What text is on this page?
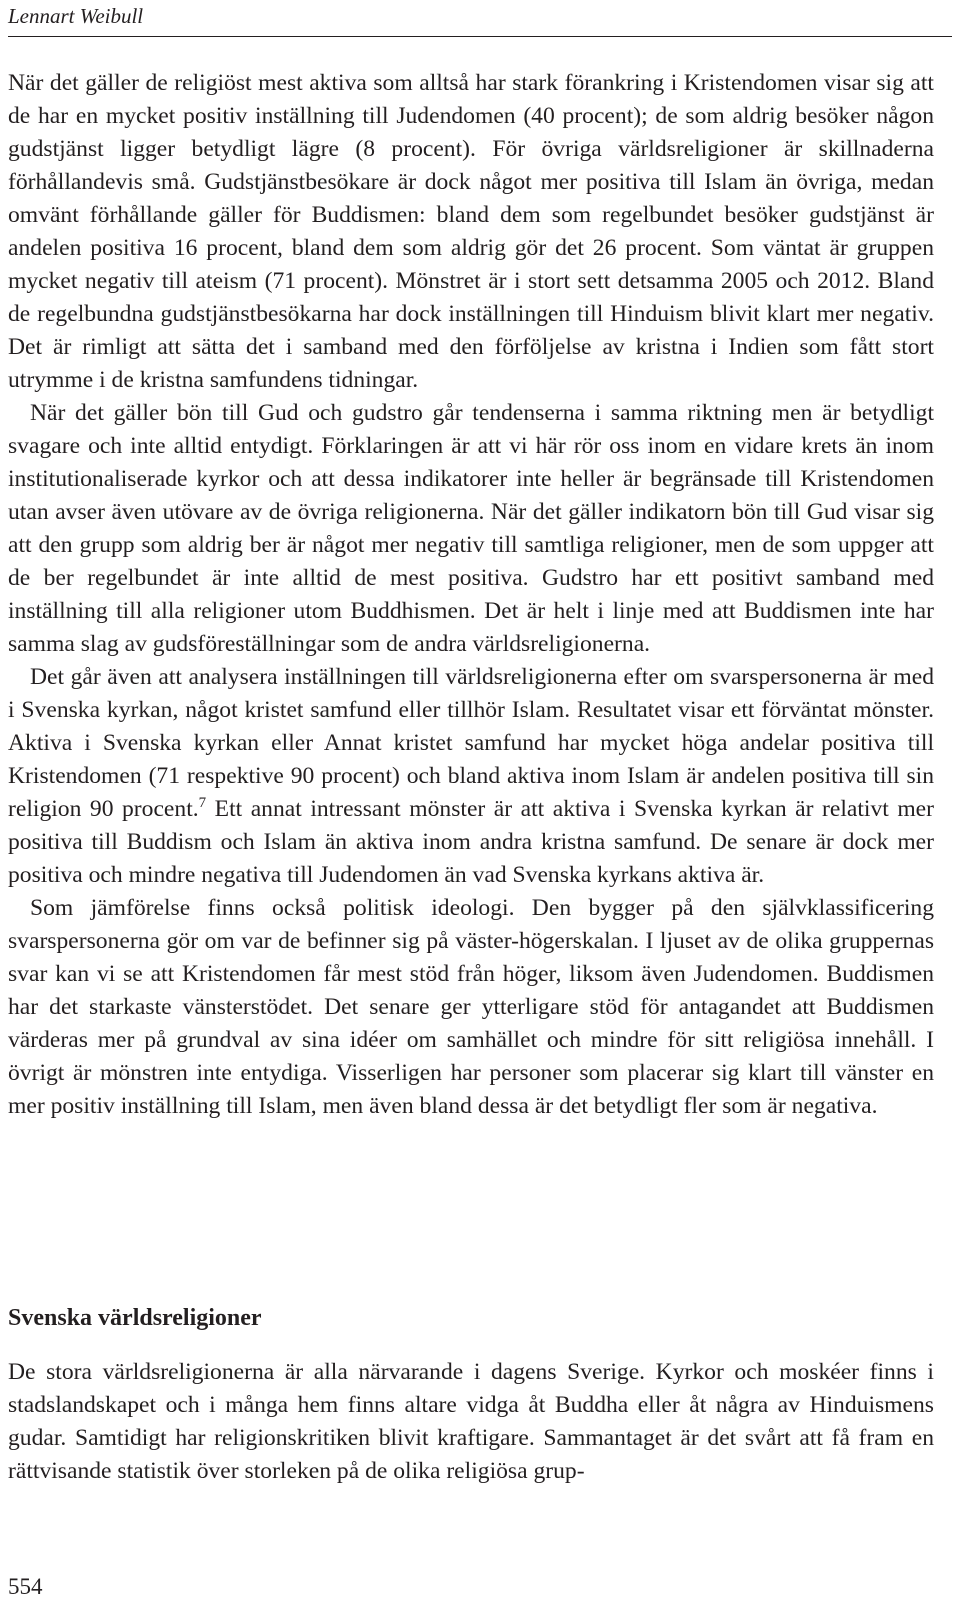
Lennart Weibull

När det gäller de religiöst mest aktiva som alltså har stark förankring i Kristendomen visar sig att de har en mycket positiv inställning till Judendomen (40 procent); de som aldrig besöker någon gudstjänst ligger betydligt lägre (8 procent). För övriga världsreligioner är skillnaderna förhållandevis små. Gudstjänstbesökare är dock något mer positiva till Islam än övriga, medan omvänt förhållande gäller för Buddismen: bland dem som regelbundet besöker gudstjänst är andelen positiva 16 procent, bland dem som aldrig gör det 26 procent. Som väntat är gruppen mycket negativ till ateism (71 procent). Mönstret är i stort sett detsamma 2005 och 2012. Bland de regelbundna gudstjänstbesökarna har dock inställningen till Hinduism blivit klart mer negativ. Det är rimligt att sätta det i samband med den förföljelse av kristna i Indien som fått stort utrymme i de kristna samfundens tidningar.

När det gäller bön till Gud och gudstro går tendenserna i samma riktning men är betydligt svagare och inte alltid entydigt. Förklaringen är att vi här rör oss inom en vidare krets än inom institutionaliserade kyrkor och att dessa indikatorer inte heller är begränsade till Kristendomen utan avser även utövare av de övriga religionerna. När det gäller indikatorn bön till Gud visar sig att den grupp som aldrig ber är något mer negativ till samtliga religioner, men de som uppger att de ber regelbundet är inte alltid de mest positiva. Gudstro har ett positivt samband med inställning till alla religioner utom Buddhismen. Det är helt i linje med att Buddismen inte har samma slag av gudsföreställningar som de andra världsreligionerna.

Det går även att analysera inställningen till världsreligionerna efter om svarspersonerna är med i Svenska kyrkan, något kristet samfund eller tillhör Islam. Resultatet visar ett förväntat mönster. Aktiva i Svenska kyrkan eller Annat kristet samfund har mycket höga andelar positiva till Kristendomen (71 respektive 90 procent) och bland aktiva inom Islam är andelen positiva till sin religion 90 procent.$^7$ Ett annat intressant mönster är att aktiva i Svenska kyrkan är relativt mer positiva till Buddism och Islam än aktiva inom andra kristna samfund. De senare är dock mer positiva och mindre negativa till Judendomen än vad Svenska kyrkans aktiva är.

Som jämförelse finns också politisk ideologi. Den bygger på den självklassificering svarspersonerna gör om var de befinner sig på väster-högerskalan. I ljuset av de olika gruppernas svar kan vi se att Kristendomen får mest stöd från höger, liksom även Judendomen. Buddismen har det starkaste vänsterstödet. Det senare ger ytterligare stöd för antagandet att Buddismen värderas mer på grundval av sina idéer om samhället och mindre för sitt religiösa innehåll. I övrigt är mönstren inte entydiga. Visserligen har personer som placerar sig klart till vänster en mer positiv inställning till Islam, men även bland dessa är det betydligt fler som är negativa.

Svenska världsreligioner

De stora världsreligionerna är alla närvarande i dagens Sverige. Kyrkor och moskéer finns i stadslandskapet och i många hem finns altare vidga åt Buddha eller åt några av Hinduismens gudar. Samtidigt har religionskritiken blivit kraftigare. Sammantaget är det svårt att få fram en rättvisande statistik över storleken på de olika religiösa grup-

554
